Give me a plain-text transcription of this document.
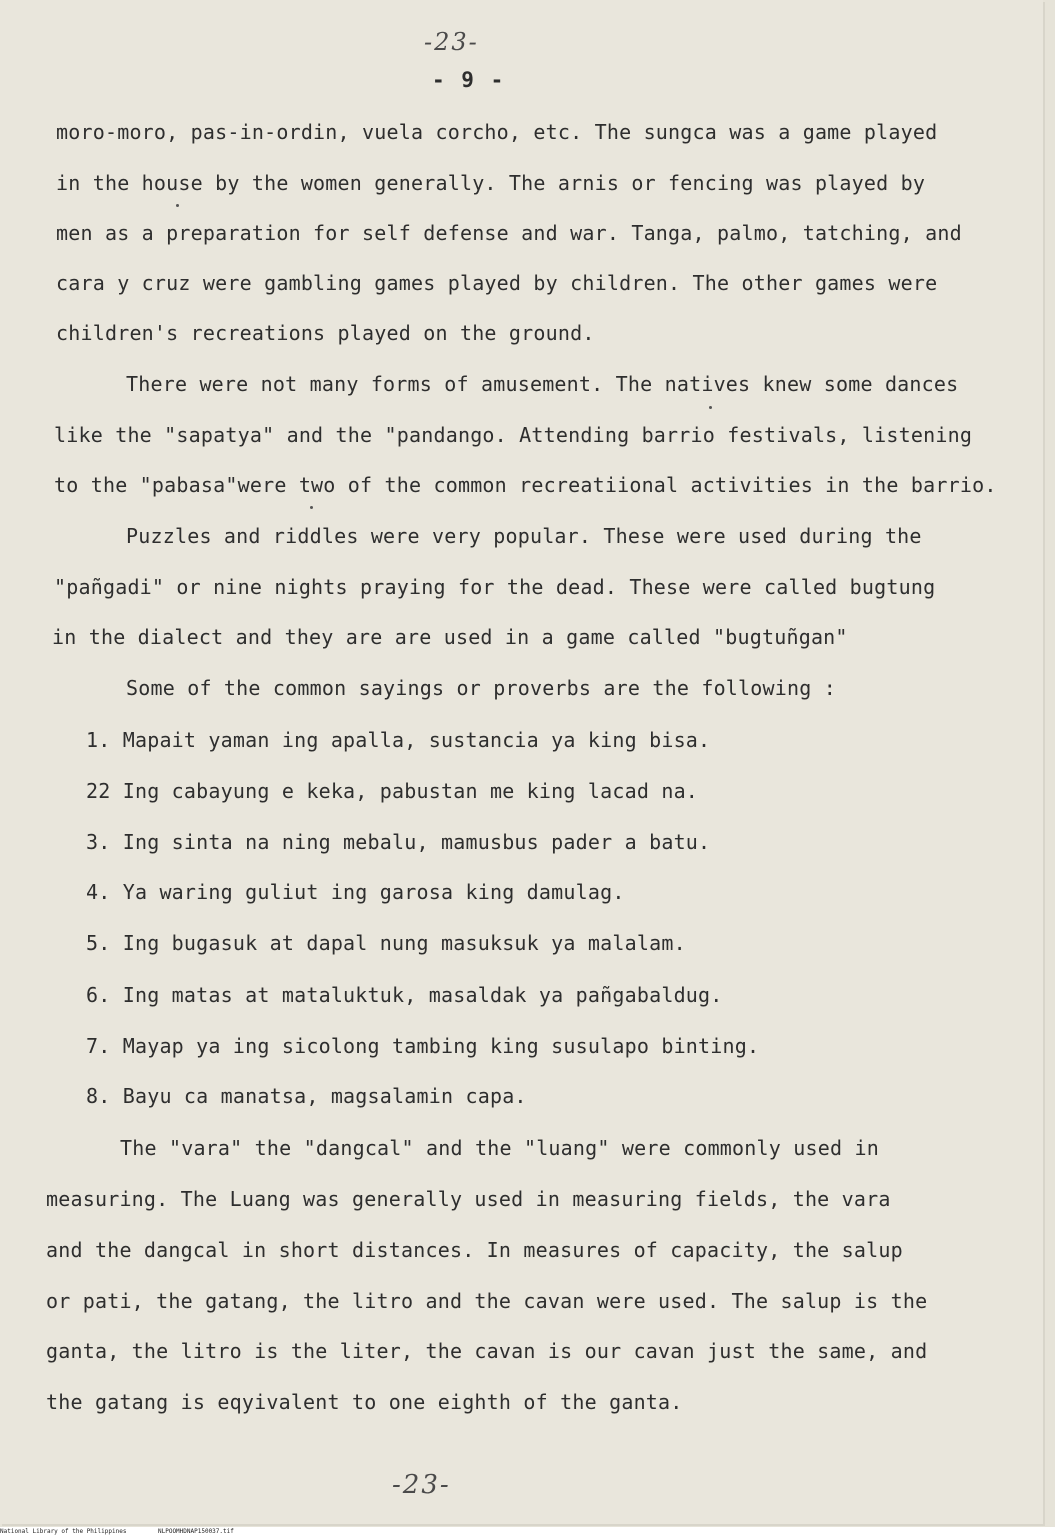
-23-
- 9 -
moro-moro, pas-in-ordin, vuela corcho, etc. The sungca was a game played
in the house by the women generally. The arnis or fencing was played by
men as a preparation for self defense and war. Tanga, palmo, tatching, and
cara y cruz were gambling games played by children. The other games were
children's recreations played on the ground.
There were not many forms of amusement. The natives knew some dances
like the "sapatya" and the "pandango. Attending barrio festivals, listening
to the "pabasa"were two of the common recreatiional activities in the barrio.
Puzzles and riddles were very popular. These were used during the
"pañgadi" or nine nights praying for the dead. These were called bugtung
in the dialect and they are are used in a game called "bugtuñgan"
Some of the common sayings or proverbs are the following :
1. Mapait yaman ing apalla, sustancia ya king bisa.
22 Ing cabayung e keka, pabustan me king lacad na.
3. Ing sinta na ning mebalu, mamusbus pader a batu.
4. Ya waring guliut ing garosa king damulag.
5. Ing bugasuk at dapal nung masuksuk ya malalam.
6. Ing matas at mataluktuk, masaldak ya pañgabaldug.
7. Mayap ya ing sicolong tambing king susulapo binting.
8. Bayu ca manatsa, magsalamin capa.
The "vara" the "dangcal" and the "luang" were commonly used in
measuring. The Luang was generally used in measuring fields, the vara
and the dangcal in short distances. In measures of capacity, the salup
or pati, the gatang, the litro and the cavan were used. The salup is the
ganta, the litro is the liter, the cavan is our cavan just the same, and
the gatang is eqyivalent to one eighth of the ganta.
-23-
National Library of the Philippines	NLPOOMHDNAP150037.tif
